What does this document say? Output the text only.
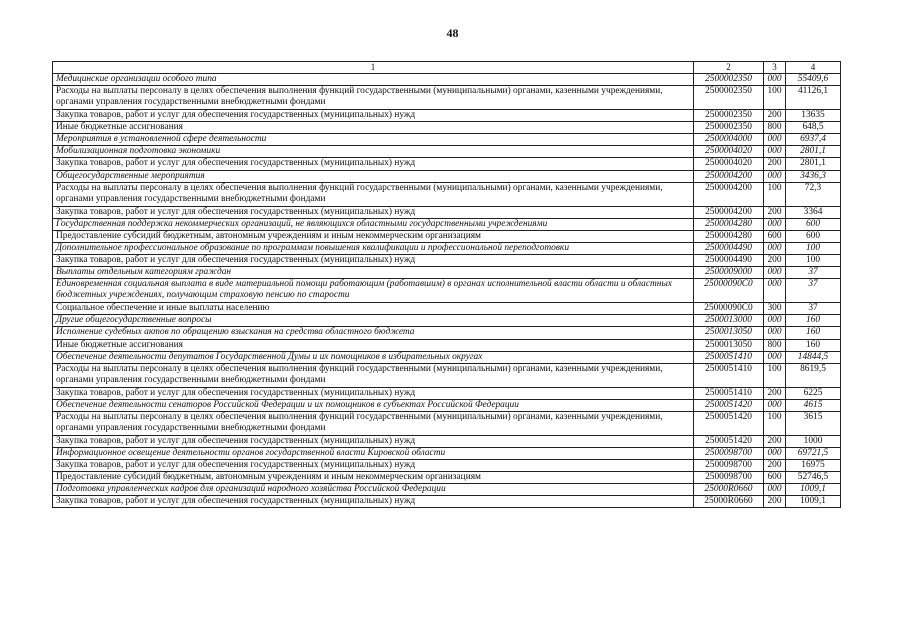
48
1	2	3	4
Медицинские организации особого типа	2500002350	000	55409,6
Расходы на выплаты персоналу в целях обеспечения выполнения функций государственными (муниципальными) органами, казенными учреждениями, органами управления государственными внебюджетными фондами	2500002350	100	41126,1
Закупка товаров, работ и услуг для обеспечения государственных (муниципальных) нужд	2500002350	200	13635
Иные бюджетные ассигнования	2500002350	800	648,5
Мероприятия в установленной сфере деятельности	2500004000	000	6937,4
Мобилизационная подготовка экономики	2500004020	000	2801,1
Закупка товаров, работ и услуг для обеспечения государственных (муниципальных) нужд	2500004020	200	2801,1
Общегосударственные мероприятия	2500004200	000	3436,3
Расходы на выплаты персоналу в целях обеспечения выполнения функций государственными (муниципальными) органами, казенными учреждениями, органами управления государственными внебюджетными фондами	2500004200	100	72,3
Закупка товаров, работ и услуг для обеспечения государственных (муниципальных) нужд	2500004200	200	3364
Государственная поддержка некоммерческих организаций, не являющихся областными государственными учреждениями	2500004280	000	600
Предоставление субсидий бюджетным, автономным учреждениям и иным некоммерческим организациям	2500004280	600	600
Дополнительное профессиональное образование по программам повышения квалификации и профессиональной переподготовки	2500004490	000	100
Закупка товаров, работ и услуг для обеспечения государственных (муниципальных) нужд	2500004490	200	100
Выплаты отдельным категориям граждан	2500009000	000	37
Единовременная социальная выплата в виде материальной помощи работающим (работавшим) в органах исполнительной власти области и областных бюджетных учреждениях, получающим страховую пенсию по старости	25000090С0	000	37
Социальное обеспечение и иные выплаты населению	25000090С0	300	37
Другие общегосударственные вопросы	2500013000	000	160
Исполнение судебных актов по обращению взыскания на средства областного бюджета	2500013050	000	160
Иные бюджетные ассигнования	2500013050	800	160
Обеспечение деятельности депутатов Государственной Думы и их помощников в избирательных округах	2500051410	000	14844,5
Расходы на выплаты персоналу в целях обеспечения выполнения функций государственными (муниципальными) органами, казенными учреждениями, органами управления государственными внебюджетными фондами	2500051410	100	8619,5
Закупка товаров, работ и услуг для обеспечения государственных (муниципальных) нужд	2500051410	200	6225
Обеспечение деятельности сенаторов Российской Федерации и их помощников в субъектах Российской Федерации	2500051420	000	4615
Расходы на выплаты персоналу в целях обеспечения выполнения функций государственными (муниципальными) органами, казенными учреждениями, органами управления государственными внебюджетными фондами	2500051420	100	3615
Закупка товаров, работ и услуг для обеспечения государственных (муниципальных) нужд	2500051420	200	1000
Информационное освещение деятельности органов государственной власти Кировской области	2500098700	000	69721,5
Закупка товаров, работ и услуг для обеспечения государственных (муниципальных) нужд	2500098700	200	16975
Предоставление субсидий бюджетным, автономным учреждениям и иным некоммерческим организациям	2500098700	600	52746,5
Подготовка управленческих кадров для организаций народного хозяйства Российской Федерации	25000R0660	000	1009,1
Закупка товаров, работ и услуг для обеспечения государственных (муниципальных) нужд	25000R0660	200	1009,1
